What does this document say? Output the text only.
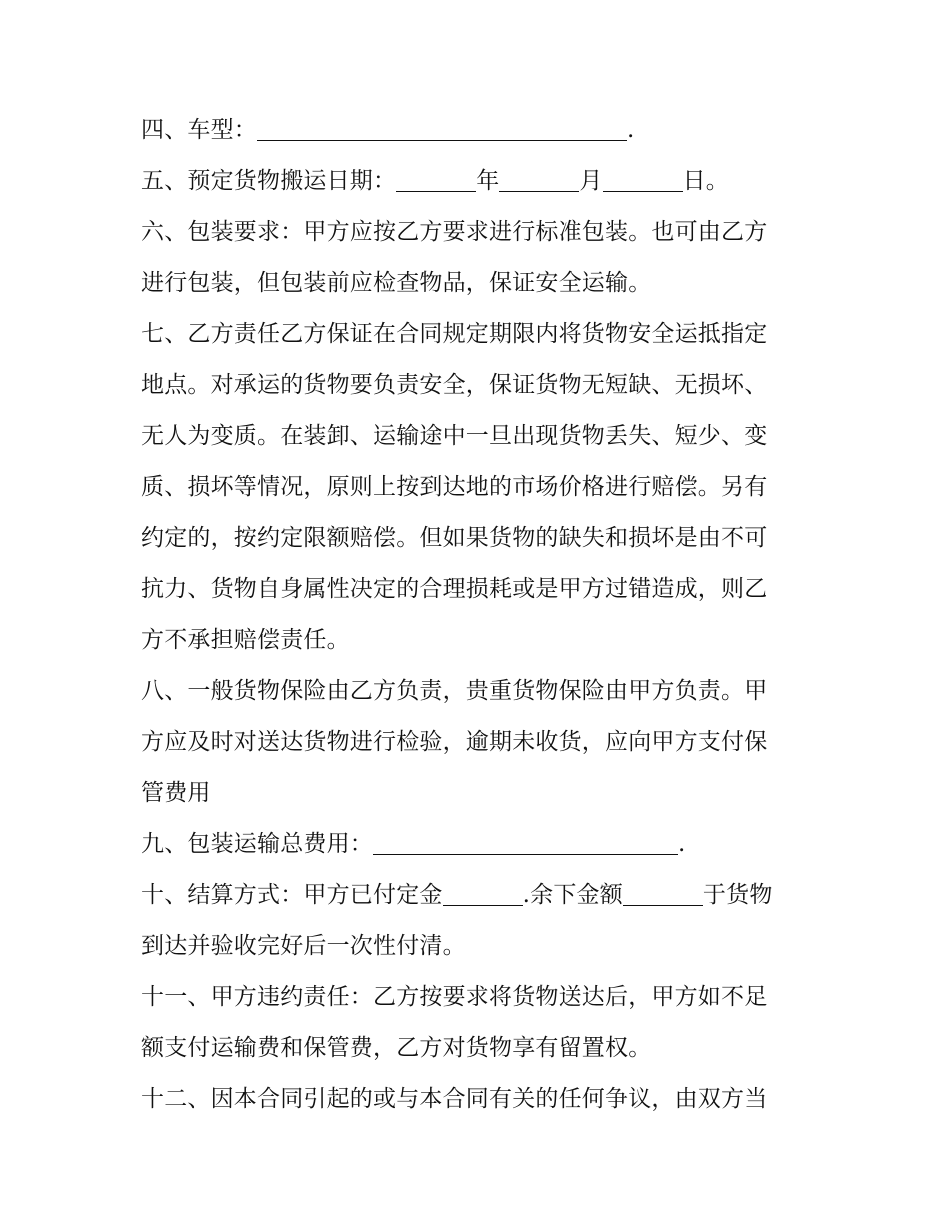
四、车型：	.
五、预定货物搬运日期：	年	月	日。
六、包装要求：甲方应按乙方要求进行标准包装。也可由乙方
进行包装，但包装前应检查物品，保证安全运输。
七、乙方责任乙方保证在合同规定期限内将货物安全运抵指定
地点。对承运的货物要负责安全，保证货物无短缺、无损坏、
无人为变质。在装卸、运输途中一旦出现货物丢失、短少、变
质、损坏等情况，原则上按到达地的市场价格进行赔偿。另有
约定的，按约定限额赔偿。但如果货物的缺失和损坏是由不可
抗力、货物自身属性决定的合理损耗或是甲方过错造成，则乙
方不承担赔偿责任。
八、一般货物保险由乙方负责，贵重货物保险由甲方负责。甲
方应及时对送达货物进行检验，逾期未收货，应向甲方支付保
管费用
九、包装运输总费用：	.
十、结算方式：甲方已付定金	.余下金额	于货物
到达并验收完好后一次性付清。
十一、甲方违约责任：乙方按要求将货物送达后，甲方如不足
额支付运输费和保管费，乙方对货物享有留置权。
十二、因本合同引起的或与本合同有关的任何争议，由双方当
